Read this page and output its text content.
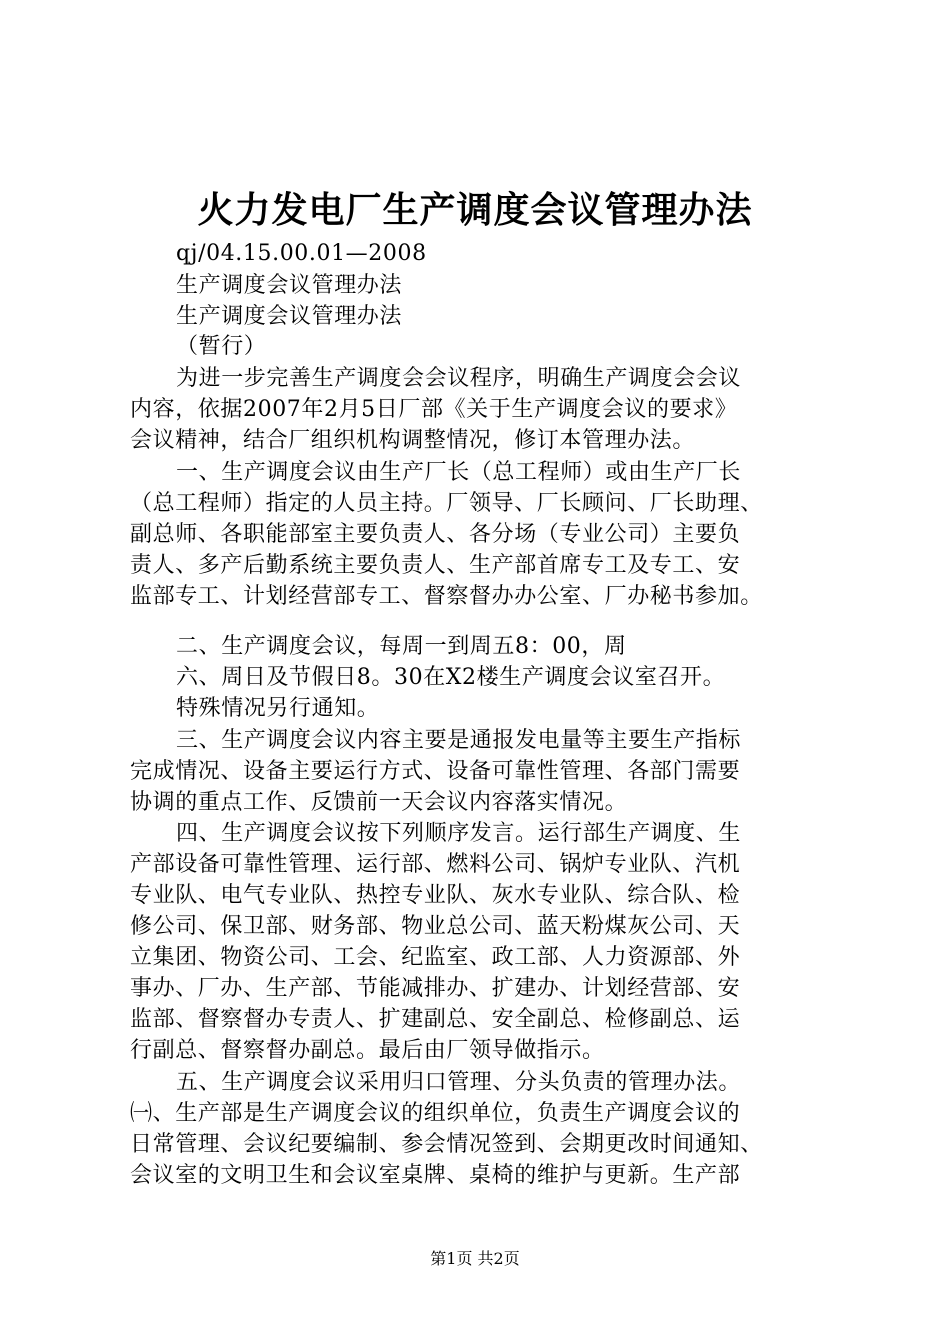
火力发电厂生产调度会议管理办法
qj/04.15.00.01—2008
生产调度会议管理办法
生产调度会议管理办法
（暂行）
为进一步完善生产调度会会议程序，明确生产调度会会议
内容，依据2007年2月5日厂部《关于生产调度会议的要求》
会议精神，结合厂组织机构调整情况，修订本管理办法。
一、生产调度会议由生产厂长（总工程师）或由生产厂长
（总工程师）指定的人员主持。厂领导、厂长顾问、厂长助理、
副总师、各职能部室主要负责人、各分场（专业公司）主要负
责人、多产后勤系统主要负责人、生产部首席专工及专工、安
监部专工、计划经营部专工、督察督办办公室、厂办秘书参加。
二、生产调度会议，每周一到周五8：00，周
六、周日及节假日8。30在X2楼生产调度会议室召开。
特殊情况另行通知。
三、生产调度会议内容主要是通报发电量等主要生产指标
完成情况、设备主要运行方式、设备可靠性管理、各部门需要
协调的重点工作、反馈前一天会议内容落实情况。
四、生产调度会议按下列顺序发言。运行部生产调度、生
产部设备可靠性管理、运行部、燃料公司、锅炉专业队、汽机
专业队、电气专业队、热控专业队、灰水专业队、综合队、检
修公司、保卫部、财务部、物业总公司、蓝天粉煤灰公司、天
立集团、物资公司、工会、纪监室、政工部、人力资源部、外
事办、厂办、生产部、节能减排办、扩建办、计划经营部、安
监部、督察督办专责人、扩建副总、安全副总、检修副总、运
行副总、督察督办副总。最后由厂领导做指示。
五、生产调度会议采用归口管理、分头负责的管理办法。
㈠、生产部是生产调度会议的组织单位，负责生产调度会议的
日常管理、会议纪要编制、参会情况签到、会期更改时间通知、
会议室的文明卫生和会议室桌牌、桌椅的维护与更新。生产部
第1页 共2页
